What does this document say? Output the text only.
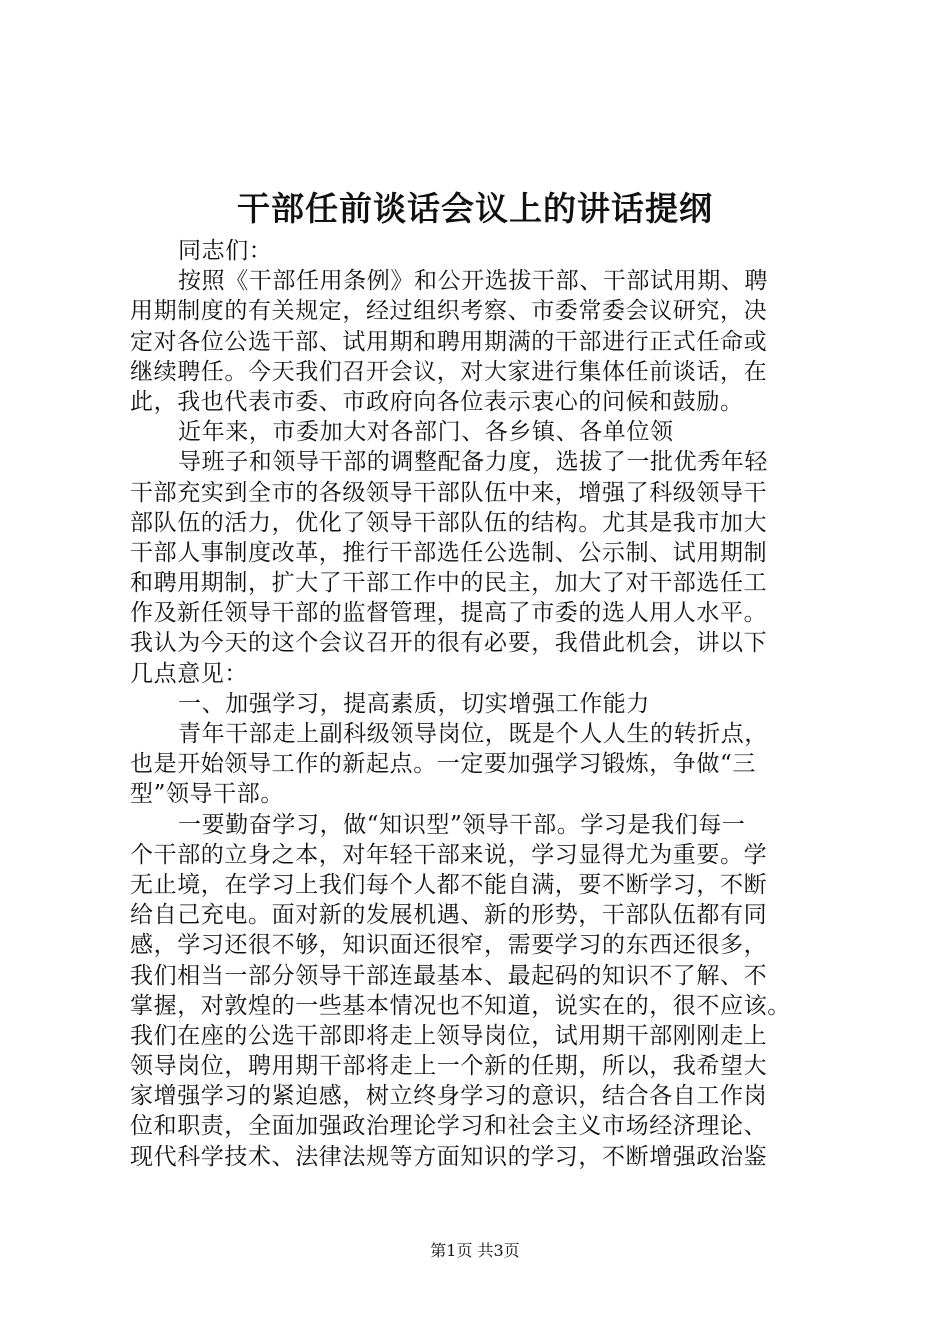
干部任前谈话会议上的讲话提纲
同志们：
按照《干部任用条例》和公开选拔干部、干部试用期、聘
用期制度的有关规定，经过组织考察、市委常委会议研究，决
定对各位公选干部、试用期和聘用期满的干部进行正式任命或
继续聘任。今天我们召开会议，对大家进行集体任前谈话，在
此，我也代表市委、市政府向各位表示衷心的问候和鼓励。
近年来，市委加大对各部门、各乡镇、各单位领
导班子和领导干部的调整配备力度，选拔了一批优秀年轻
干部充实到全市的各级领导干部队伍中来，增强了科级领导干
部队伍的活力，优化了领导干部队伍的结构。尤其是我市加大
干部人事制度改革，推行干部选任公选制、公示制、试用期制
和聘用期制，扩大了干部工作中的民主，加大了对干部选任工
作及新任领导干部的监督管理，提高了市委的选人用人水平。
我认为今天的这个会议召开的很有必要，我借此机会，讲以下
几点意见：
一、加强学习，提高素质，切实增强工作能力
青年干部走上副科级领导岗位，既是个人人生的转折点，
也是开始领导工作的新起点。一定要加强学习锻炼，争做“三
型”领导干部。
一要勤奋学习，做“知识型”领导干部。学习是我们每一
个干部的立身之本，对年轻干部来说，学习显得尤为重要。学
无止境，在学习上我们每个人都不能自满，要不断学习，不断
给自己充电。面对新的发展机遇、新的形势，干部队伍都有同
感，学习还很不够，知识面还很窄，需要学习的东西还很多，
我们相当一部分领导干部连最基本、最起码的知识不了解、不
掌握，对敦煌的一些基本情况也不知道，说实在的，很不应该。
我们在座的公选干部即将走上领导岗位，试用期干部刚刚走上
领导岗位，聘用期干部将走上一个新的任期，所以，我希望大
家增强学习的紧迫感，树立终身学习的意识，结合各自工作岗
位和职责，全面加强政治理论学习和社会主义市场经济理论、
现代科学技术、法律法规等方面知识的学习，不断增强政治鉴
第1页 共3页
